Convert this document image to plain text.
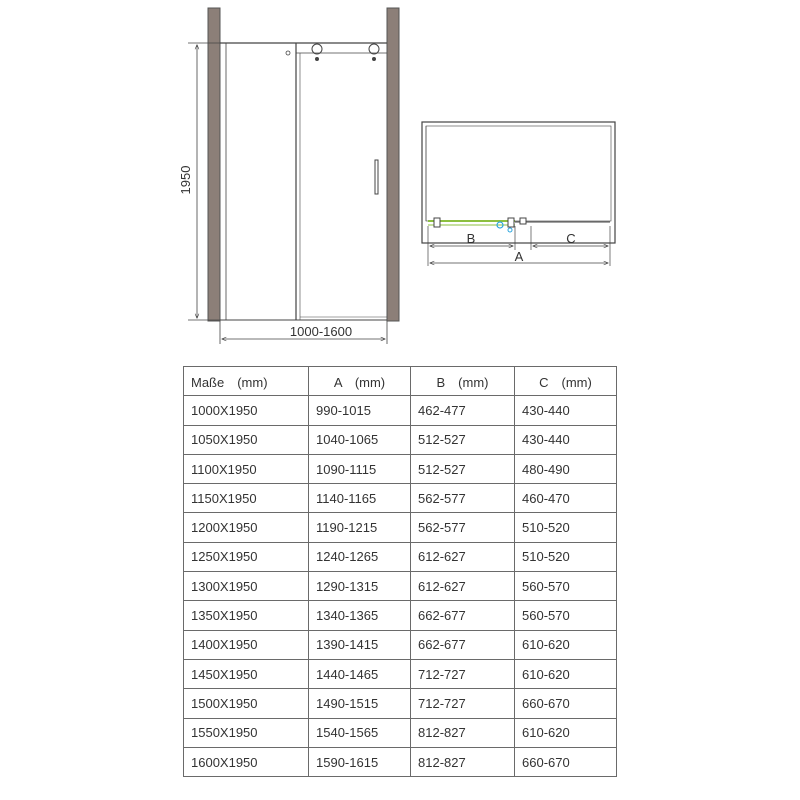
1950
1000-1600
B	C
A
Maße　(mm)	A　(mm)	B　(mm)	C　(mm)
1000X1950	990-1015	462-477	430-440
1050X1950	1040-1065	512-527	430-440
1100X1950	1090-1115	512-527	480-490
1150X1950	1140-1165	562-577	460-470
1200X1950	1190-1215	562-577	510-520
1250X1950	1240-1265	612-627	510-520
1300X1950	1290-1315	612-627	560-570
1350X1950	1340-1365	662-677	560-570
1400X1950	1390-1415	662-677	610-620
1450X1950	1440-1465	712-727	610-620
1500X1950	1490-1515	712-727	660-670
1550X1950	1540-1565	812-827	610-620
1600X1950	1590-1615	812-827	660-670
